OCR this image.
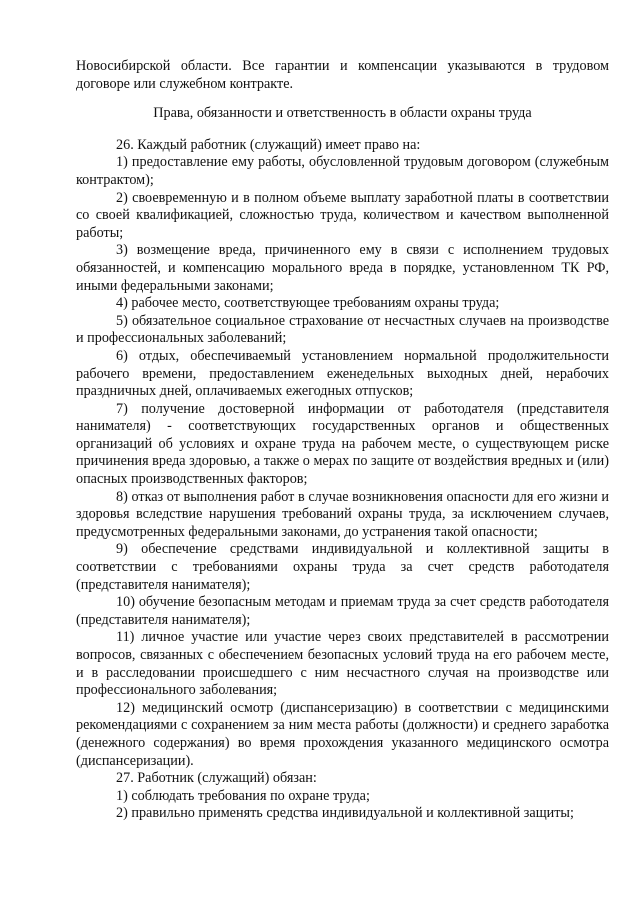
Новосибирской области. Все гарантии и компенсации указываются в трудовом договоре или служебном контракте.

Права, обязанности и ответственность в области охраны труда

26. Каждый работник (служащий) имеет право на:

1) предоставление ему работы, обусловленной трудовым договором (служебным контрактом);

2) своевременную и в полном объеме выплату заработной платы в соответствии со своей квалификацией, сложностью труда, количеством и качеством выполненной работы;

3) возмещение вреда, причиненного ему в связи с исполнением трудовых обязанностей, и компенсацию морального вреда в порядке, установленном ТК РФ, иными федеральными законами;

4) рабочее место, соответствующее требованиям охраны труда;

5) обязательное социальное страхование от несчастных случаев на производстве и профессиональных заболеваний;

6) отдых, обеспечиваемый установлением нормальной продолжительности рабочего времени, предоставлением еженедельных выходных дней, нерабочих праздничных дней, оплачиваемых ежегодных отпусков;

7) получение достоверной информации от работодателя (представителя нанимателя) - соответствующих государственных органов и общественных организаций об условиях и охране труда на рабочем месте, о существующем риске причинения вреда здоровью, а также о мерах по защите от воздействия вредных и (или) опасных производственных факторов;

8) отказ от выполнения работ в случае возникновения опасности для его жизни и здоровья вследствие нарушения требований охраны труда, за исключением случаев, предусмотренных федеральными законами, до устранения такой опасности;

9) обеспечение средствами индивидуальной и коллективной защиты в соответствии с требованиями охраны труда за счет средств работодателя (представителя нанимателя);

10) обучение безопасным методам и приемам труда за счет средств работодателя (представителя нанимателя);

11) личное участие или участие через своих представителей в рассмотрении вопросов, связанных с обеспечением безопасных условий труда на его рабочем месте, и в расследовании происшедшего с ним несчастного случая на производстве или профессионального заболевания;

12) медицинский осмотр (диспансеризацию) в соответствии с медицинскими рекомендациями с сохранением за ним места работы (должности) и среднего заработка (денежного содержания) во время прохождения указанного медицинского осмотра (диспансеризации).

27. Работник (служащий) обязан:

1) соблюдать требования по охране труда;

2) правильно применять средства индивидуальной и коллективной защиты;
